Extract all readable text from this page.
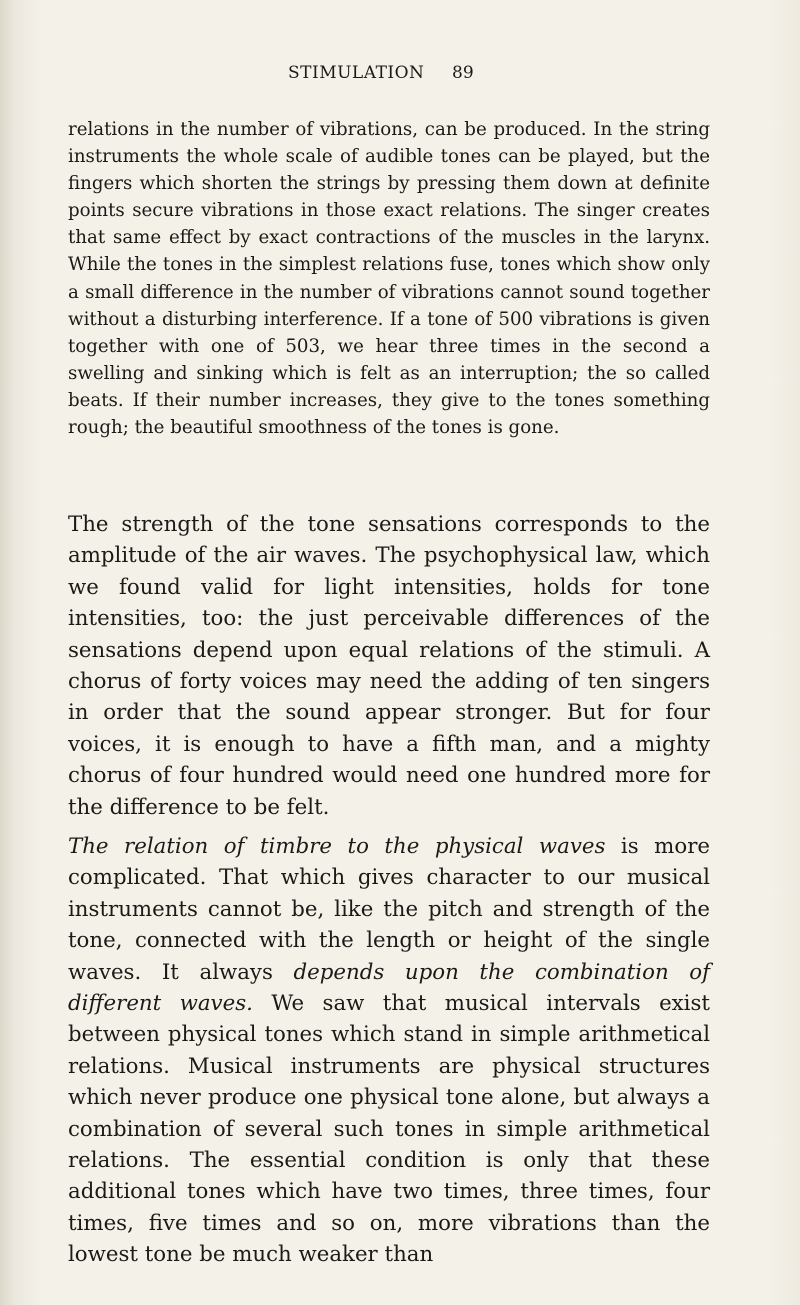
STIMULATION 89

relations in the number of vibrations, can be produced. In the string instruments the whole scale of audible tones can be played, but the fingers which shorten the strings by pressing them down at definite points secure vibrations in those exact relations. The singer creates that same effect by exact contractions of the muscles in the larynx. While the tones in the simplest relations fuse, tones which show only a small difference in the number of vibrations cannot sound together without a disturbing interference. If a tone of 500 vibrations is given together with one of 503, we hear three times in the second a swelling and sinking which is felt as an interruption; the so called beats. If their number increases, they give to the tones something rough; the beautiful smoothness of the tones is gone.

The strength of the tone sensations corresponds to the amplitude of the air waves. The psychophysical law, which we found valid for light intensities, holds for tone intensities, too: the just perceivable differences of the sensations depend upon equal relations of the stimuli. A chorus of forty voices may need the adding of ten singers in order that the sound appear stronger. But for four voices, it is enough to have a fifth man, and a mighty chorus of four hundred would need one hundred more for the difference to be felt.

The relation of timbre to the physical waves is more complicated. That which gives character to our musical instruments cannot be, like the pitch and strength of the tone, connected with the length or height of the single waves. It always depends upon the combination of different waves. We saw that musical intervals exist between physical tones which stand in simple arithmetical relations. Musical instruments are physical structures which never produce one physical tone alone, but always a combination of several such tones in simple arithmetical relations. The essential condition is only that these additional tones which have two times, three times, four times, five times and so on, more vibrations than the lowest tone be much weaker than
